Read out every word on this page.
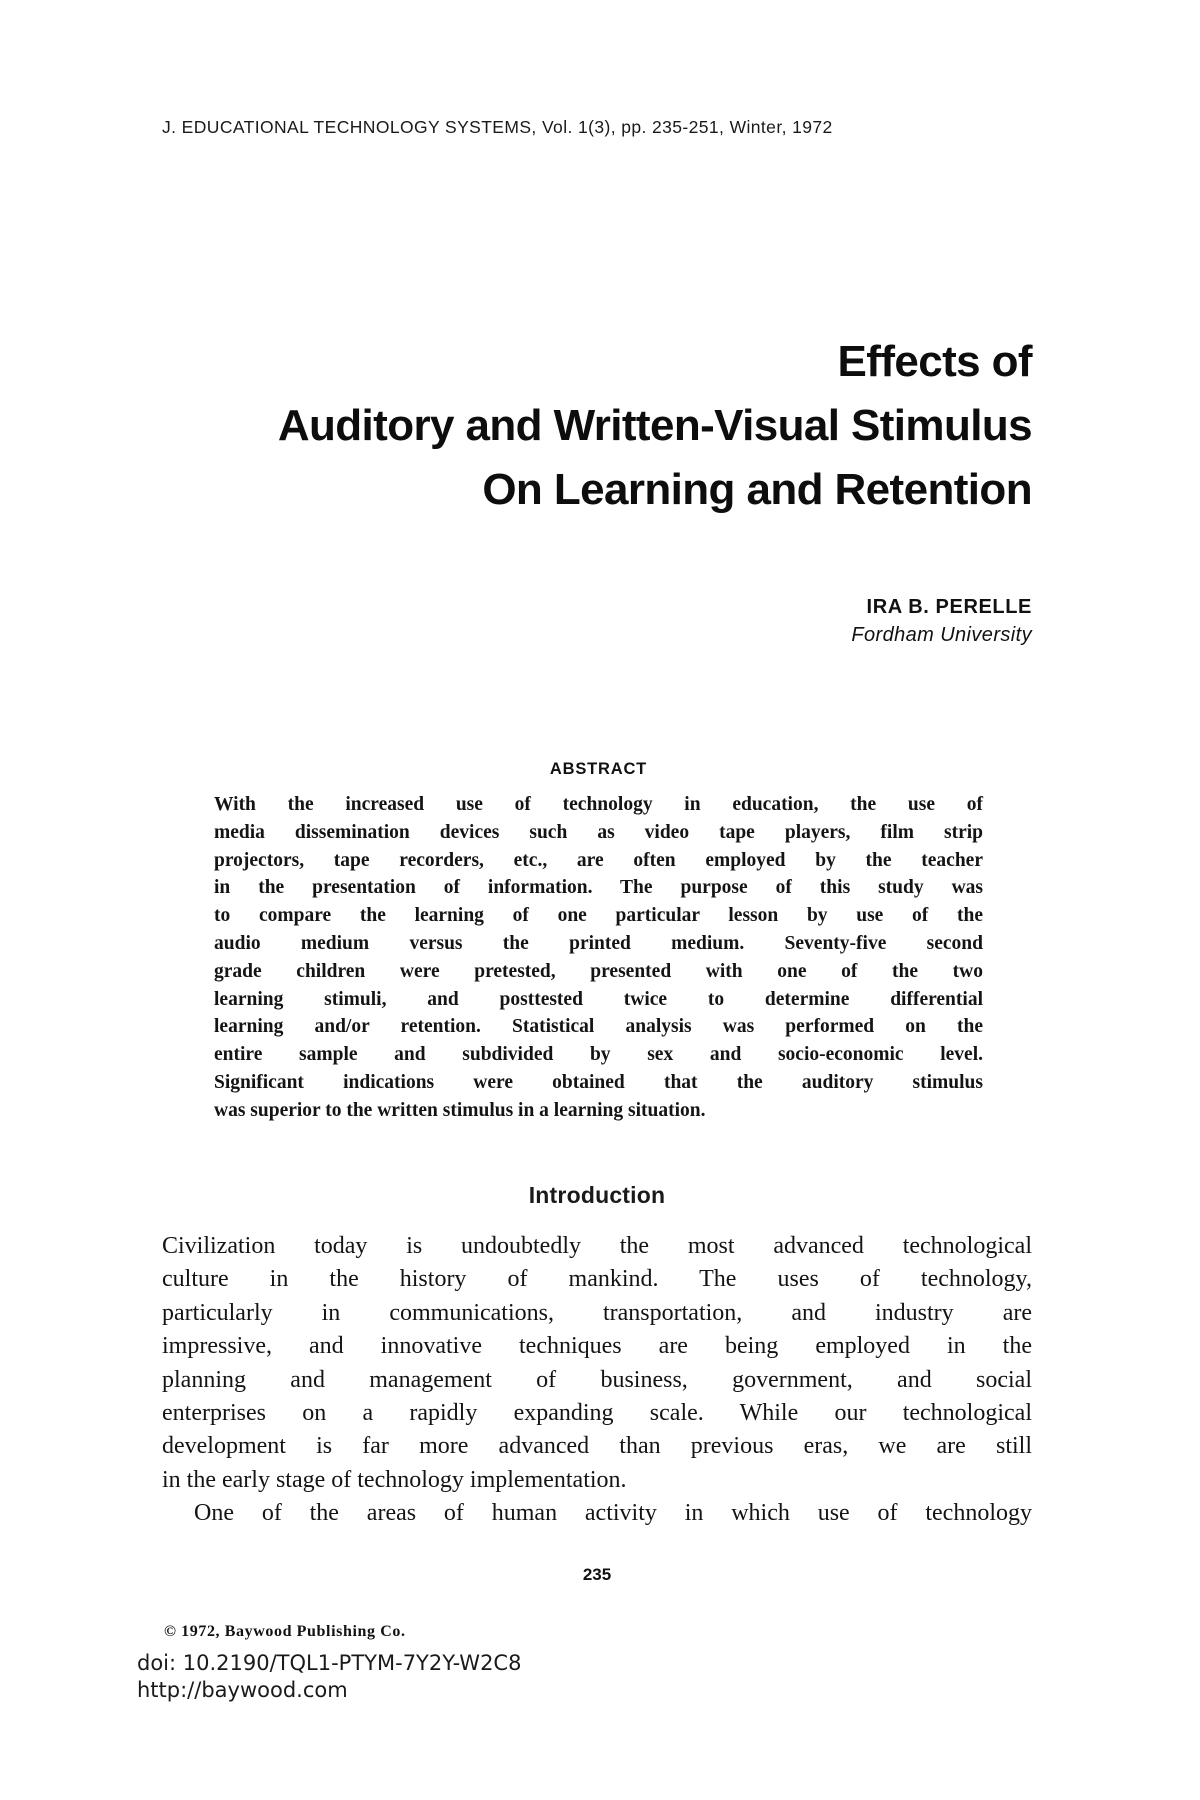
J. EDUCATIONAL TECHNOLOGY SYSTEMS, Vol. 1(3), pp. 235-251, Winter, 1972
Effects of
Auditory and Written-Visual Stimulus
On Learning and Retention
IRA B. PERELLE
Fordham University
ABSTRACT
With the increased use of technology in education, the use of
media dissemination devices such as video tape players, film strip
projectors, tape recorders, etc., are often employed by the teacher
in the presentation of information. The purpose of this study was
to compare the learning of one particular lesson by use of the
audio medium versus the printed medium. Seventy-five second
grade children were pretested, presented with one of the two
learning stimuli, and posttested twice to determine differential
learning and/or retention. Statistical analysis was performed on the
entire sample and subdivided by sex and socio-economic level.
Significant indications were obtained that the auditory stimulus
was superior to the written stimulus in a learning situation.
Introduction
Civilization today is undoubtedly the most advanced technological
culture in the history of mankind. The uses of technology,
particularly in communications, transportation, and industry are
impressive, and innovative techniques are being employed in the
planning and management of business, government, and social
enterprises on a rapidly expanding scale. While our technological
development is far more advanced than previous eras, we are still
in the early stage of technology implementation.
One of the areas of human activity in which use of technology
235
© 1972, Baywood Publishing Co.
doi: 10.2190/TQL1-PTYM-7Y2Y-W2C8
http://baywood.com
